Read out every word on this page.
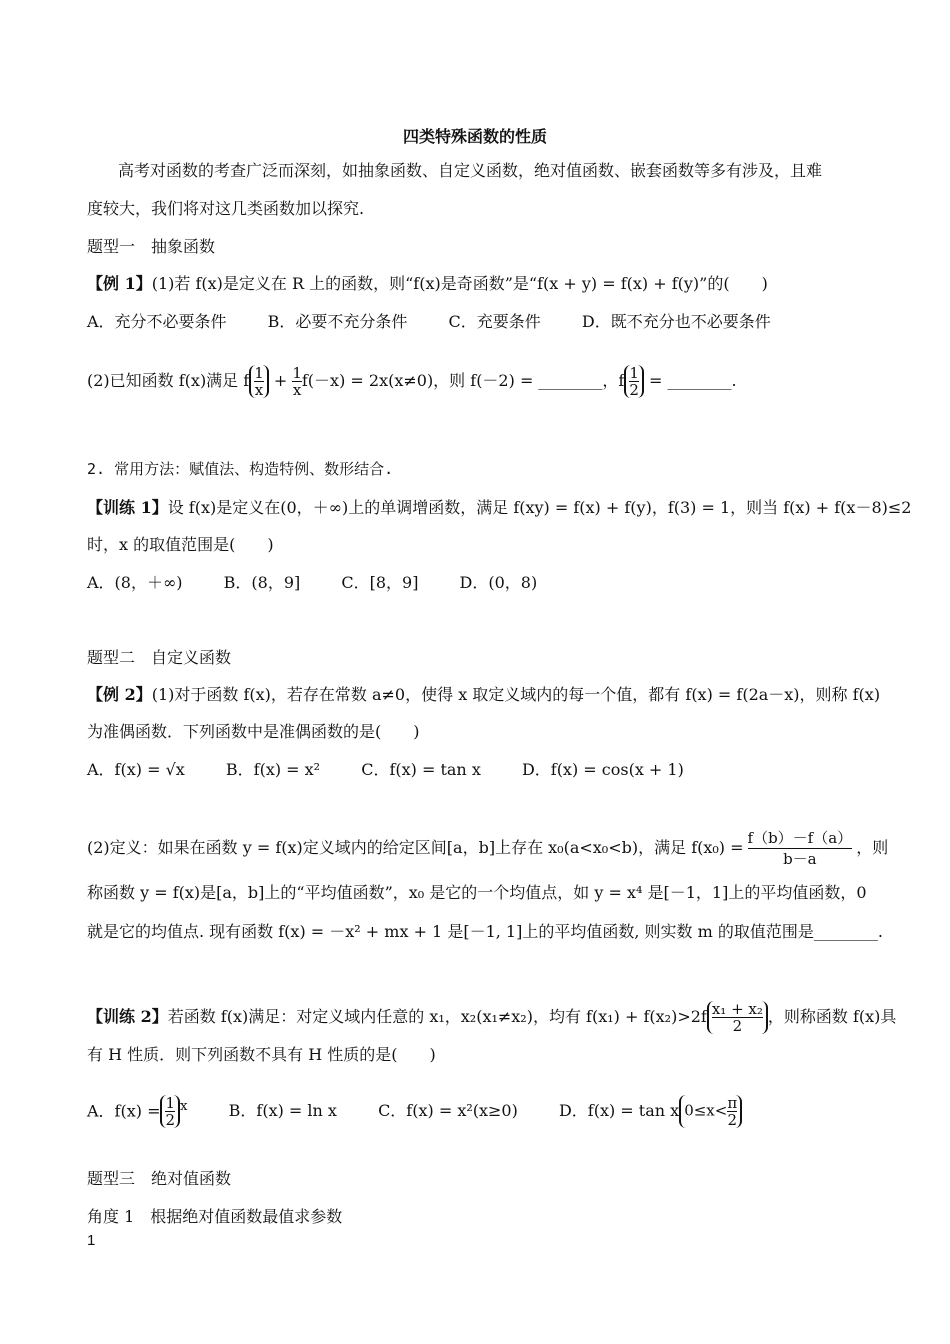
四类特殊函数的性质
高考对函数的考查广泛而深刻，如抽象函数、自定义函数，绝对值函数、嵌套函数等多有涉及，且难
度较大，我们将对这几类函数加以探究.
题型一　抽象函数
【例 1】(1)若 f(x)是定义在 R 上的函数，则“f(x)是奇函数”是“f(x + y) = f(x) + f(y)”的(　　)
A．充分不必要条件	B．必要不充分条件	C．充要条件	D．既不充分也不必要条件
(2)已知函数 f(x)满足 f $\frac{1}{x} + \frac{1}{x} f(-x) = 2x(x\ne 0)$，则 f(－2) = ________，f $\frac{1}{2}$ = ________.
2. 常用方法：赋值法、构造特例、数形结合.
【训练 1】设 f(x)是定义在(0，＋∞)上的单调增函数，满足 f(xy) = f(x) + f(y)，f(3) = 1，则当 f(x) + f(x－8)≤2
时，x 的取值范围是(　　)
A．(8，＋∞)	B．(8，9]	C．[8，9]	D．(0，8)
题型二　自定义函数
【例 2】(1)对于函数 f(x)，若存在常数 a≠0，使得 x 取定义域内的每一个值，都有 f(x) = f(2a－x)，则称 f(x)
为准偶函数．下列函数中是准偶函数的是(　　)
A．f(x) = √x	B．f(x) = x²	C．f(x) = tan x	D．f(x) = cos(x + 1)
(2)定义：如果在函数 y = f(x)定义域内的给定区间[a，b]上存在 x₀(a<x₀<b)，满足 $f(x_0) = \frac{f(b)-f(a)}{b-a}$ ，则
称函数 y = f(x)是[a，b]上的“平均值函数”，x₀ 是它的一个均值点，如 y = x⁴ 是[－1，1]上的平均值函数，0
就是它的均值点. 现有函数 f(x) = －x² + mx + 1 是[－1, 1]上的平均值函数, 则实数 m 的取值范围是________.
【训练 2】若函数 f(x)满足：对定义域内任意的 x₁，x₂(x₁≠x₂)，均有 $f(x_1) + f(x_2)>2f \frac{\text{x₁ + x₂}}{2}$ ，则称函数 f(x)具
有 H 性质．则下列函数不具有 H 性质的是(　　)
A．$f(x) = \frac{1}{2} ^x$	B．f(x) = ln x	C．f(x) = x²(x≥0)	D．f(x) = tan x $0\le x< \frac{\pi}{2}$
题型三　绝对值函数
角度 1　根据绝对值函数最值求参数
1
